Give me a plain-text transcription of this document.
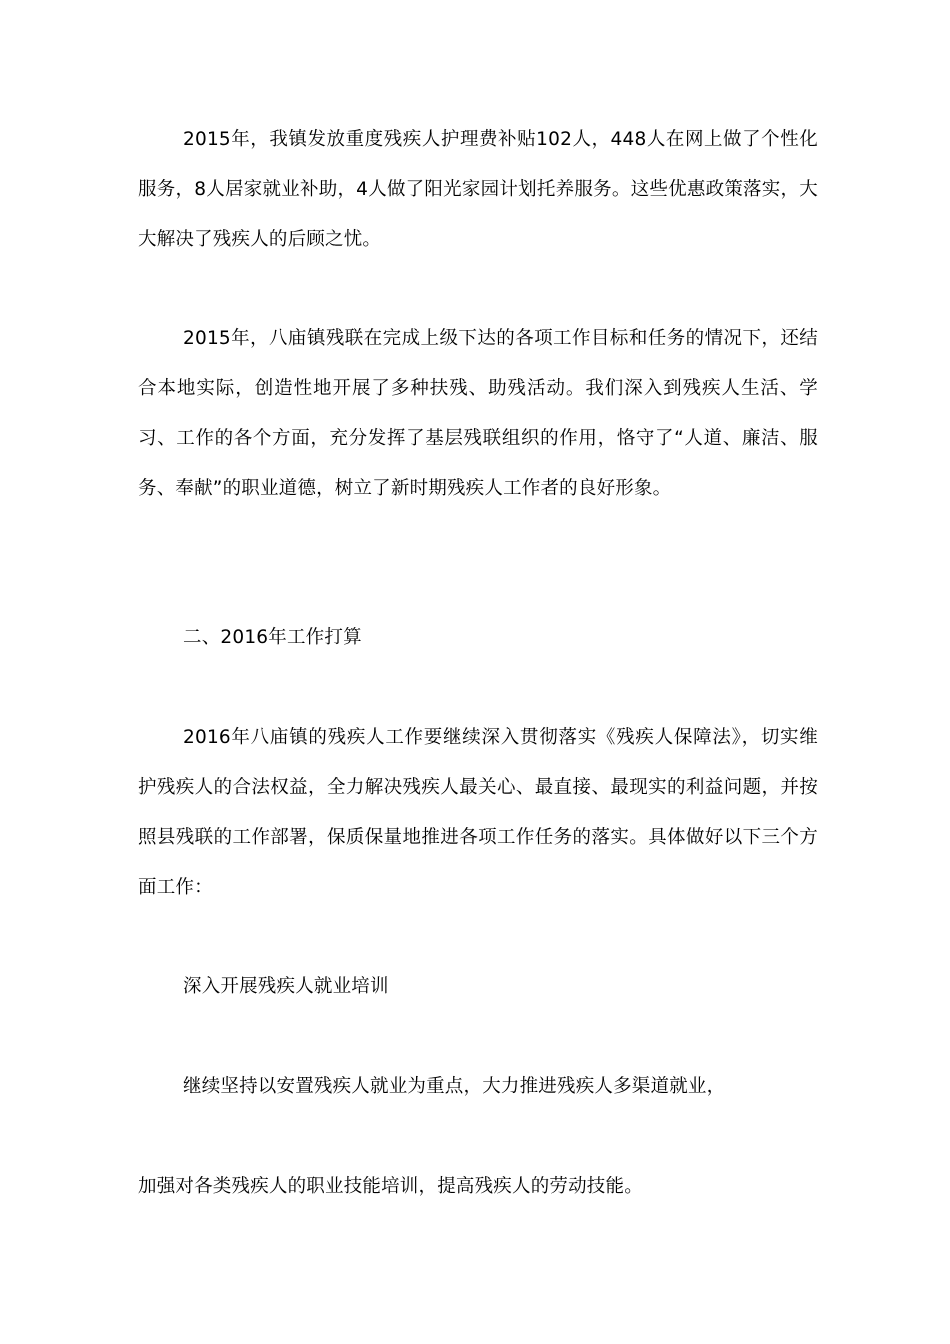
2015年，我镇发放重度残疾人护理费补贴102人，448人在网上做了个性化服务，8人居家就业补助，4人做了阳光家园计划托养服务。这些优惠政策落实，大大解决了残疾人的后顾之忧。

2015年，八庙镇残联在完成上级下达的各项工作目标和任务的情况下，还结合本地实际，创造性地开展了多种扶残、助残活动。我们深入到残疾人生活、学习、工作的各个方面，充分发挥了基层残联组织的作用，恪守了“人道、廉洁、服务、奉献”的职业道德，树立了新时期残疾人工作者的良好形象。

二、2016年工作打算

2016年八庙镇的残疾人工作要继续深入贯彻落实《残疾人保障法》，切实维护残疾人的合法权益，全力解决残疾人最关心、最直接、最现实的利益问题，并按照县残联的工作部署，保质保量地推进各项工作任务的落实。具体做好以下三个方面工作：

深入开展残疾人就业培训

继续坚持以安置残疾人就业为重点，大力推进残疾人多渠道就业，

加强对各类残疾人的职业技能培训，提高残疾人的劳动技能。
